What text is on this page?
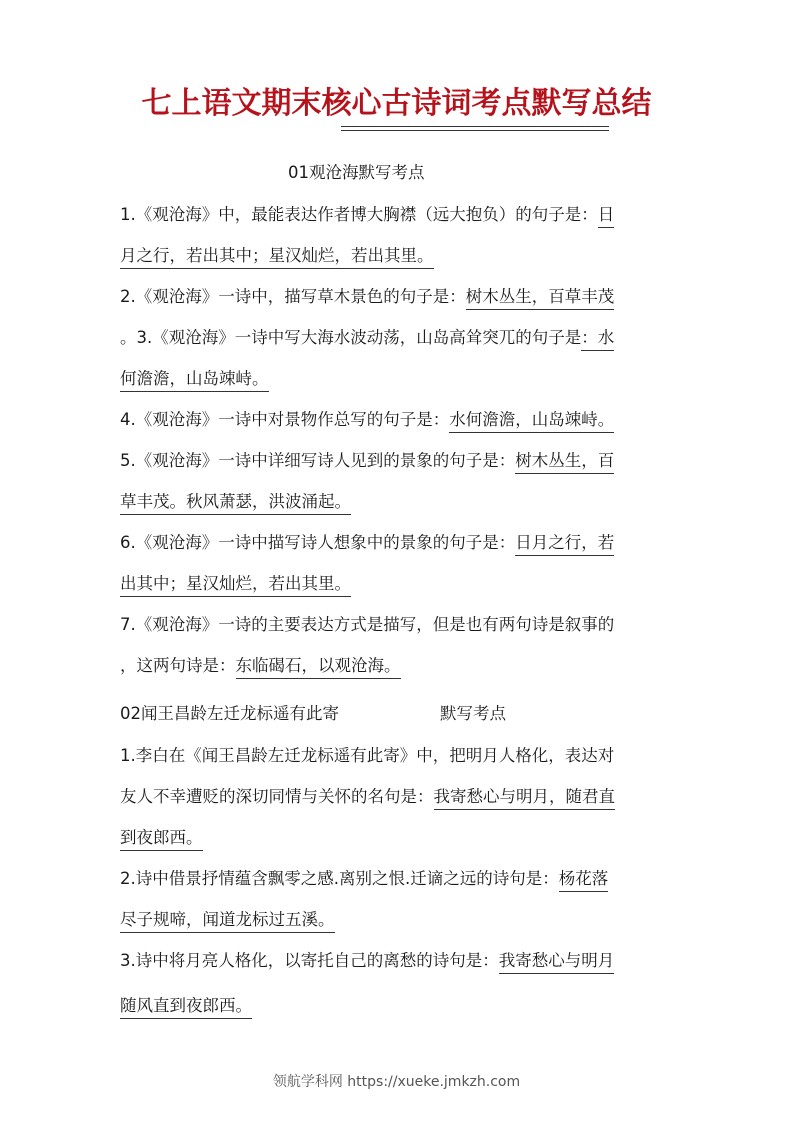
七上语文期末核心古诗词考点默写总结
01观沧海默写考点
1.《观沧海》中，最能表达作者博大胸襟（远大抱负）的句子是：日
月之行，若出其中；星汉灿烂，若出其里。
2.《观沧海》一诗中，描写草木景色的句子是：树木丛生，百草丰茂
。3.《观沧海》一诗中写大海水波动荡，山岛高耸突兀的句子是：水
何澹澹，山岛竦峙。
4.《观沧海》一诗中对景物作总写的句子是：水何澹澹，山岛竦峙。
5.《观沧海》一诗中详细写诗人见到的景象的句子是：树木丛生，百
草丰茂。秋风萧瑟，洪波涌起。
6.《观沧海》一诗中描写诗人想象中的景象的句子是：日月之行，若
出其中；星汉灿烂，若出其里。
7.《观沧海》一诗的主要表达方式是描写，但是也有两句诗是叙事的
，这两句诗是：东临碣石，以观沧海。
02闻王昌龄左迁龙标遥有此寄	默写考点
1.李白在《闻王昌龄左迁龙标遥有此寄》中，把明月人格化，表达对
友人不幸遭贬的深切同情与关怀的名句是：我寄愁心与明月，随君直
到夜郎西。
2.诗中借景抒情蕴含飘零之感.离别之恨.迁谪之远的诗句是：杨花落
尽子规啼，闻道龙标过五溪。
3.诗中将月亮人格化，以寄托自己的离愁的诗句是：我寄愁心与明月
随风直到夜郎西。
领航学科网 https://xueke.jmkzh.com
